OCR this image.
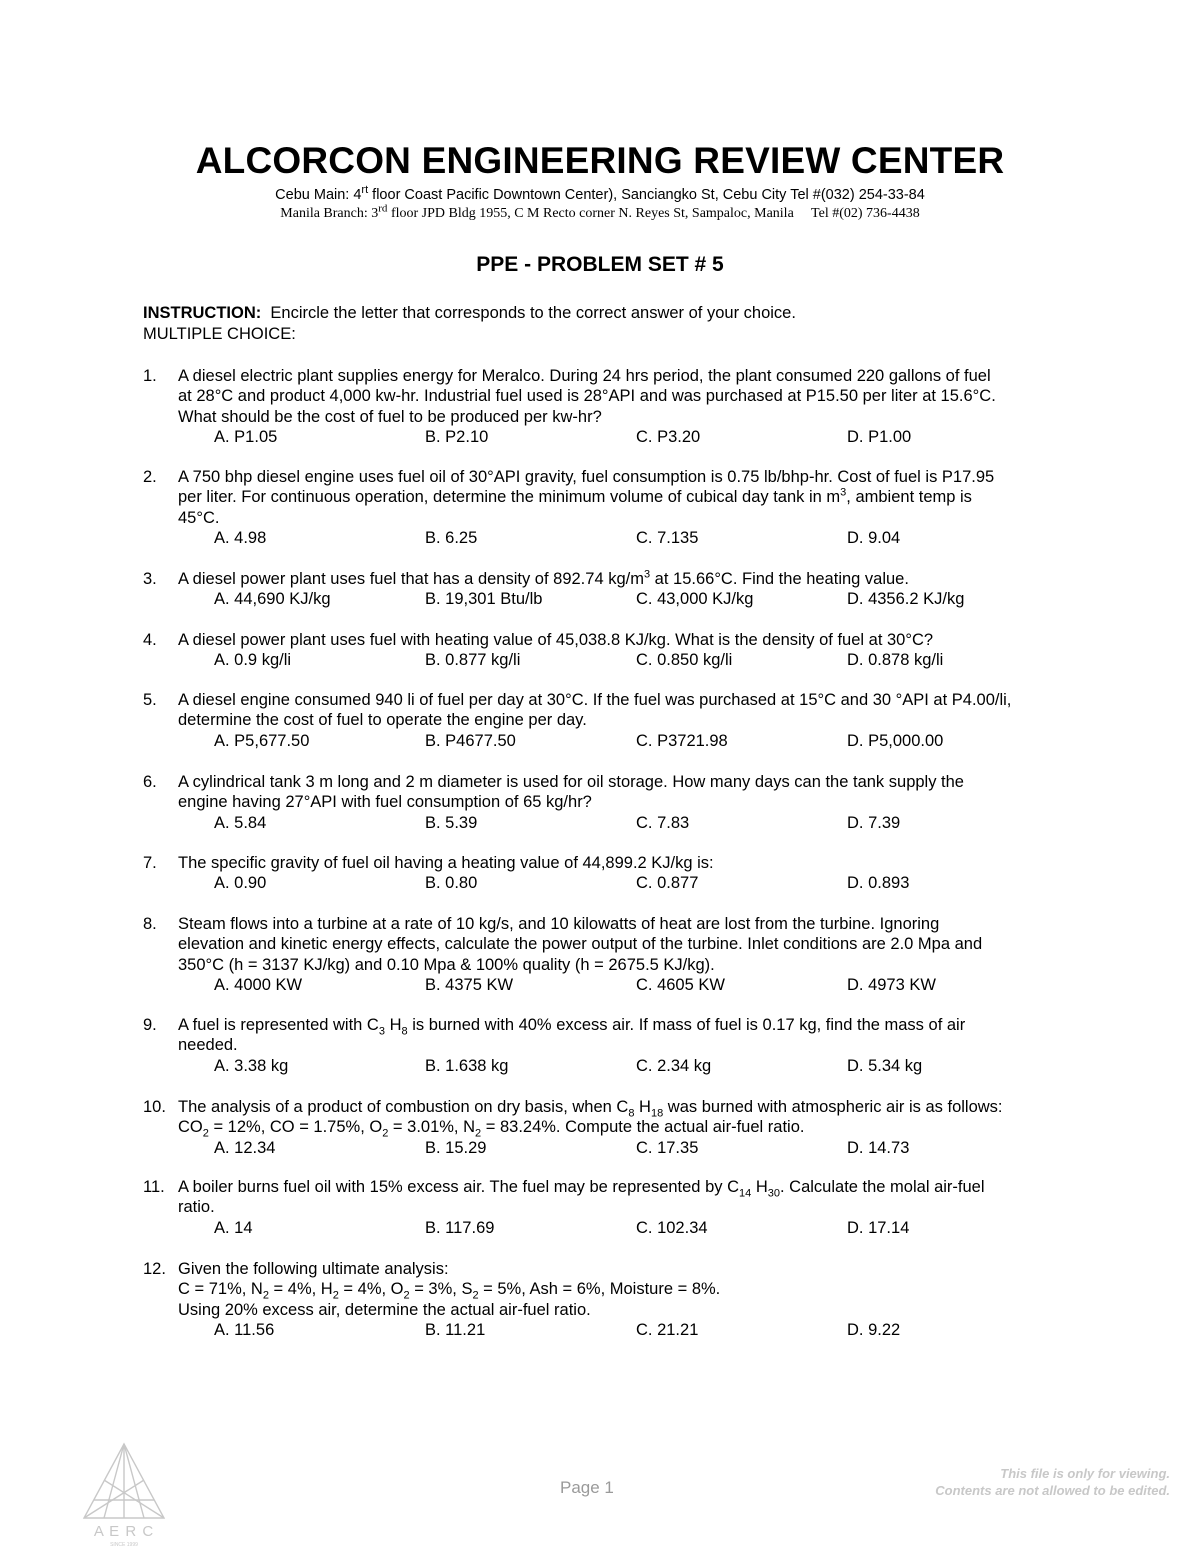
ALCORCON ENGINEERING REVIEW CENTER
Cebu Main: $4^{rt}$ floor Coast Pacific Downtown Center), Sanciangko St, Cebu City Tel #(032) 254-33-84
Manila Branch: 3rd floor JPD Bldg 1955, C M Recto corner N. Reyes St, Sampaloc, Manila     Tel #(02) 736-4438
PPE - PROBLEM SET # 5
INSTRUCTION:  Encircle the letter that corresponds to the correct answer of your choice.
MULTIPLE CHOICE:
1.	A diesel electric plant supplies energy for Meralco. During 24 hrs period, the plant consumed 220 gallons of fuel
at 28°C and product 4,000 kw-hr. Industrial fuel used is 28°API and was purchased at P15.50 per liter at 15.6°C.
What should be the cost of fuel to be produced per kw-hr?
A. P1.05	B. P2.10	C. P3.20	D. P1.00
2.	A 750 bhp diesel engine uses fuel oil of 30°API gravity, fuel consumption is 0.75 lb/bhp-hr. Cost of fuel is P17.95
per liter. For continuous operation, determine the minimum volume of cubical day tank in $m^3$, ambient temp is
45°C.
A. 4.98	B. 6.25	C. 7.135	D. 9.04
3.	A diesel power plant uses fuel that has a density of 892.74 $kg/m^3$ at 15.66°C. Find the heating value.
A. 44,690 KJ/kg	B. 19,301 Btu/lb	C. 43,000 KJ/kg	D. 4356.2 KJ/kg
4.	A diesel power plant uses fuel with heating value of 45,038.8 KJ/kg. What is the density of fuel at 30°C?
A. 0.9 kg/li	B. 0.877 kg/li	C. 0.850 kg/li	D. 0.878 kg/li
5.	A diesel engine consumed 940 li of fuel per day at 30°C. If the fuel was purchased at 15°C and 30 °API at P4.00/li,
determine the cost of fuel to operate the engine per day.
A. P5,677.50	B. P4677.50	C. P3721.98	D. P5,000.00
6.	A cylindrical tank 3 m long and 2 m diameter is used for oil storage. How many days can the tank supply the
engine having 27°API with fuel consumption of 65 kg/hr?
A. 5.84	B. 5.39	C. 7.83	D. 7.39
7.	The specific gravity of fuel oil having a heating value of 44,899.2 KJ/kg is:
A. 0.90	B. 0.80	C. 0.877	D. 0.893
8.	Steam flows into a turbine at a rate of 10 kg/s, and 10 kilowatts of heat are lost from the turbine. Ignoring
elevation and kinetic energy effects, calculate the power output of the turbine. Inlet conditions are 2.0 Mpa and
350°C (h = 3137 KJ/kg) and 0.10 Mpa & 100% quality (h = 2675.5 KJ/kg).
A. 4000 KW	B. 4375 KW	C. 4605 KW	D. 4973 KW
9.	A fuel is represented with $C_3$ $H_8$ is burned with 40% excess air. If mass of fuel is 0.17 kg, find the mass of air
needed.
A. 3.38 kg	B. 1.638 kg	C. 2.34 kg	D. 5.34 kg
10. The analysis of a product of combustion on dry basis, when $C_8$ $H_{18}$ was burned with atmospheric air is as follows:
$CO_2 = 12\%$, CO = 1.75%, $O_2 = 3.01\%$, $N_2 = 83.24\%$. Compute the actual air-fuel ratio.
A. 12.34	B. 15.29	C. 17.35	D. 14.73
11. A boiler burns fuel oil with 15% excess air. The fuel may be represented by $C_{14}$ $H_{30}$. Calculate the molal air-fuel
ratio.
A. 14	B. 117.69	C. 102.34	D. 17.14
12. Given the following ultimate analysis:
C = 71%, $N_2 = 4\%$, $H_2 = 4\%$, $O_2 = 3\%$, $S_2 = 5\%$, Ash = 6%, Moisture = 8%.
Using 20% excess air, determine the actual air-fuel ratio.
A. 11.56	B. 11.21	C. 21.21	D. 9.22
A E R C
SINCE 1999
Page 1
This file is only for viewing.
Contents are not allowed to be edited.
